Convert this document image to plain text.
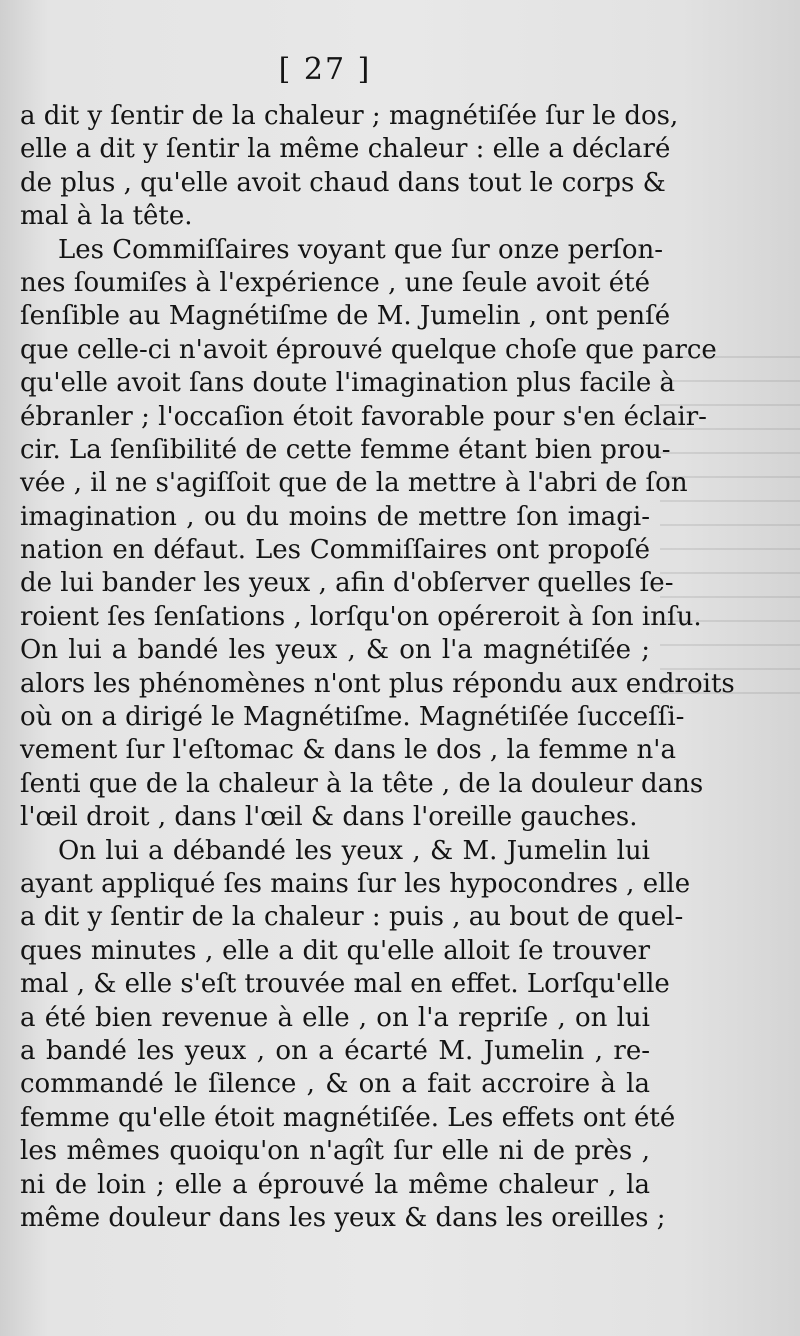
[ 27 ]
a dit y ſentir de la chaleur ; magnétiſée ſur le dos,
elle a dit y ſentir la même chaleur : elle a déclaré
de plus , qu'elle avoit chaud dans tout le corps &
mal à la tête.
Les Commiſſaires voyant que ſur onze perſon-
nes ſoumiſes à l'expérience , une ſeule avoit été
ſenſible au Magnétiſme de M. Jumelin , ont penſé
que celle-ci n'avoit éprouvé quelque choſe que parce
qu'elle avoit ſans doute l'imagination plus facile à
ébranler ; l'occaſion étoit favorable pour s'en éclair-
cir. La ſenſibilité de cette femme étant bien prou-
vée , il ne s'agiſſoit que de la mettre à l'abri de ſon
imagination , ou du moins de mettre ſon imagi-
nation en défaut. Les Commiſſaires ont propoſé
de lui bander les yeux , afin d'obſerver quelles ſe-
roient ſes ſenſations , lorſqu'on opéreroit à ſon inſu.
On lui a bandé les yeux , & on l'a magnétiſée ;
alors les phénomènes n'ont plus répondu aux endroits
où on a dirigé le Magnétiſme. Magnétiſée ſucceſſi-
vement ſur l'eſtomac & dans le dos , la femme n'a
ſenti que de la chaleur à la tête , de la douleur dans
l'œil droit , dans l'œil & dans l'oreille gauches.
On lui a débandé les yeux , & M. Jumelin lui
ayant appliqué ſes mains ſur les hypocondres , elle
a dit y ſentir de la chaleur : puis , au bout de quel-
ques minutes , elle a dit qu'elle alloit ſe trouver
mal , & elle s'eſt trouvée mal en effet. Lorſqu'elle
a été bien revenue à elle , on l'a repriſe , on lui
a bandé les yeux , on a écarté M. Jumelin , re-
commandé le ſilence , & on a fait accroire à la
femme qu'elle étoit magnétiſée. Les effets ont été
les mêmes quoiqu'on n'agît ſur elle ni de près ,
ni de loin ; elle a éprouvé la même chaleur , la
même douleur dans les yeux & dans les oreilles ;
